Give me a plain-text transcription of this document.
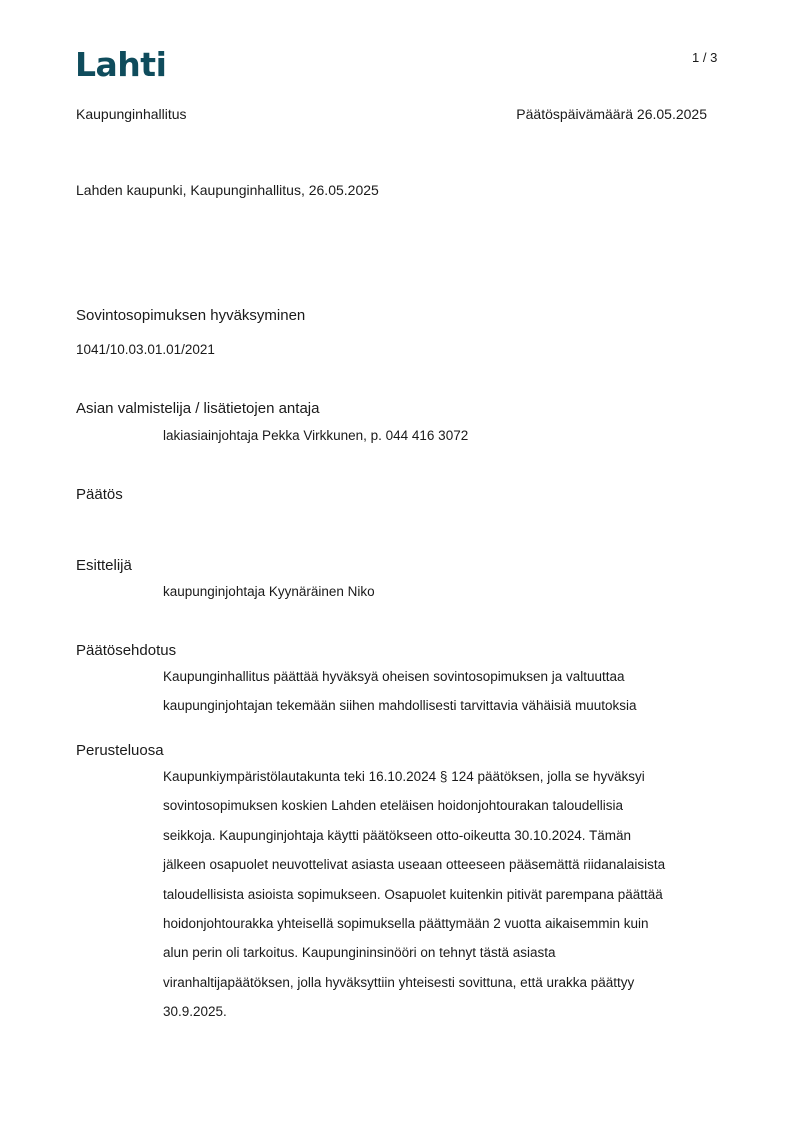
Lahti	1 / 3
Kaupunginhallitus	Päätöspäivämäärä 26.05.2025
Lahden kaupunki, Kaupunginhallitus, 26.05.2025
Sovintosopimuksen hyväksyminen
1041/10.03.01.01/2021
Asian valmistelija / lisätietojen antaja
lakiasiainjohtaja Pekka Virkkunen, p. 044 416 3072
Päätös
Esittelijä
kaupunginjohtaja Kyynäräinen Niko
Päätösehdotus
Kaupunginhallitus päättää hyväksyä oheisen sovintosopimuksen ja valtuuttaa
kaupunginjohtajan tekemään siihen mahdollisesti tarvittavia vähäisiä muutoksia
Perusteluosa
Kaupunkiympäristölautakunta teki 16.10.2024 § 124 päätöksen, jolla se hyväksyi
sovintosopimuksen koskien Lahden eteläisen hoidonjohtourakan taloudellisia
seikkoja. Kaupunginjohtaja käytti päätökseen otto-oikeutta 30.10.2024. Tämän
jälkeen osapuolet neuvottelivat asiasta useaan otteeseen pääsemättä riidanalaisista
taloudellisista asioista sopimukseen. Osapuolet kuitenkin pitivät parempana päättää
hoidonjohtourakka yhteisellä sopimuksella päättymään 2 vuotta aikaisemmin kuin
alun perin oli tarkoitus. Kaupungininsinööri on tehnyt tästä asiasta
viranhaltijapäätöksen, jolla hyväksyttiin yhteisesti sovittuna, että urakka päättyy
30.9.2025.
